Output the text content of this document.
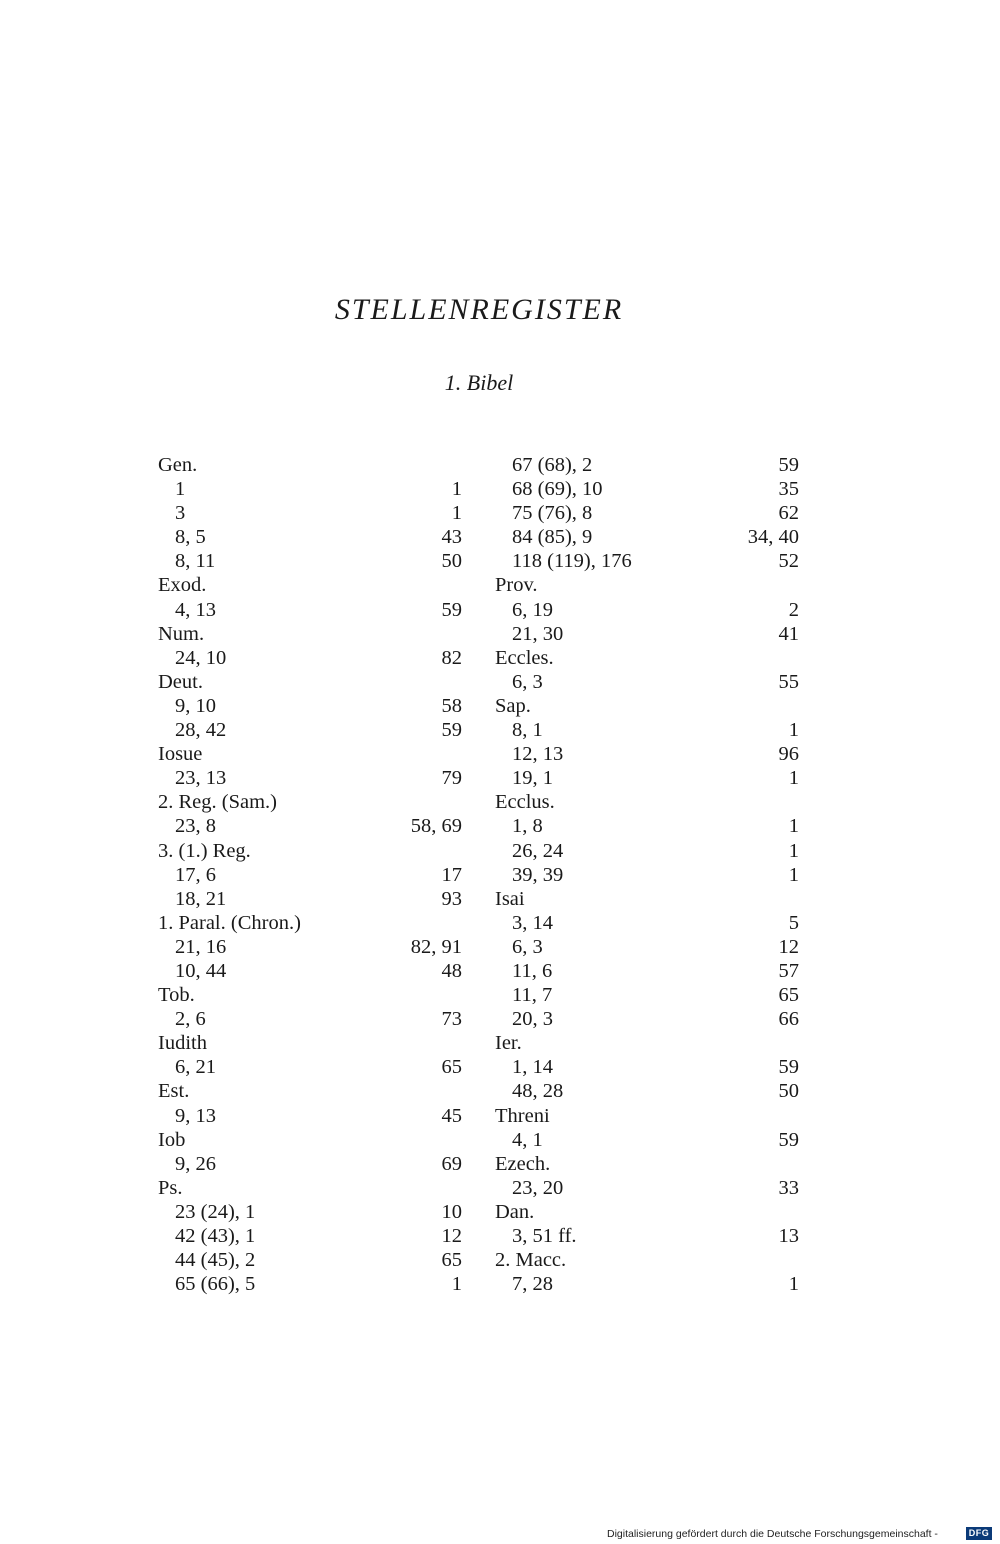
STELLENREGISTER
1. Bibel
Gen.
1	1
3	1
8, 5	43
8, 11	50
Exod.
4, 13	59
Num.
24, 10	82
Deut.
9, 10	58
28, 42	59
Iosue
23, 13	79
2. Reg. (Sam.)
23, 8	58, 69
3. (1.) Reg.
17, 6	17
18, 21	93
1. Paral. (Chron.)
21, 16	82, 91
10, 44	48
Tob.
2, 6	73
Iudith
6, 21	65
Est.
9, 13	45
Iob
9, 26	69
Ps.
23 (24), 1	10
42 (43), 1	12
44 (45), 2	65
65 (66), 5	1
67 (68), 2	59
68 (69), 10	35
75 (76), 8	62
84 (85), 9	34, 40
118 (119), 176	52
Prov.
6, 19	2
21, 30	41
Eccles.
6, 3	55
Sap.
8, 1	1
12, 13	96
19, 1	1
Ecclus.
1, 8	1
26, 24	1
39, 39	1
Isai
3, 14	5
6, 3	12
11, 6	57
11, 7	65
20, 3	66
Ier.
1, 14	59
48, 28	50
Threni
4, 1	59
Ezech.
23, 20	33
Dan.
3, 51 ff.	13
2. Macc.
7, 28	1
Digitalisierung gefördert durch die Deutsche Forschungsgemeinschaft -	DFG
